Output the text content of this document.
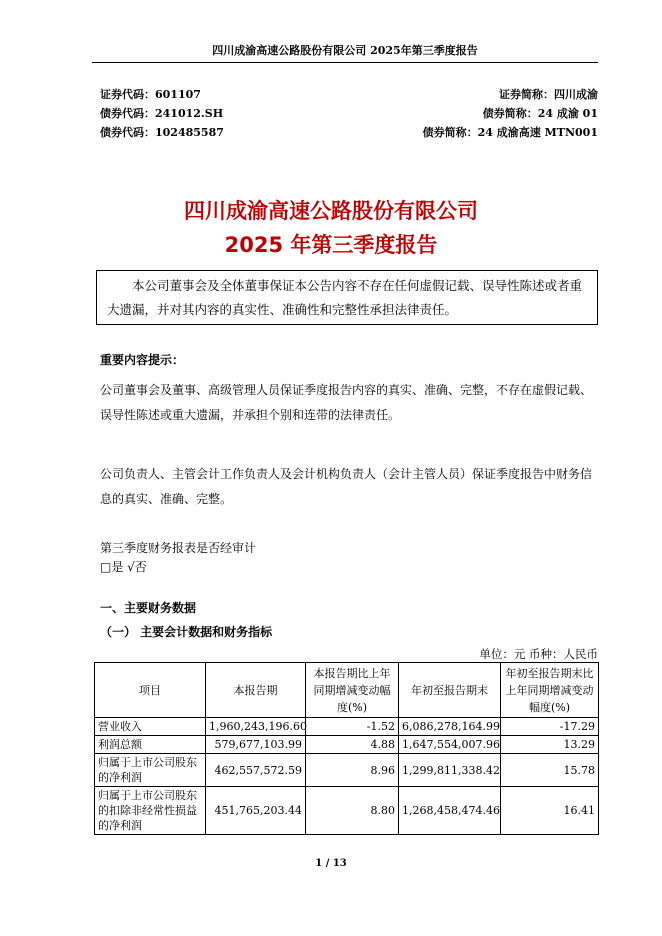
四川成渝高速公路股份有限公司 2025年第三季度报告
证券代码：601107	证券简称：四川成渝
债券代码：241012.SH	债券简称：24 成渝 01
债券代码：102485587	债券简称：24 成渝高速 MTN001
四川成渝高速公路股份有限公司
2025 年第三季度报告

本公司董事会及全体董事保证本公告内容不存在任何虚假记载、误导性陈述或者重大遗漏，并对其内容的真实性、准确性和完整性承担法律责任。

重要内容提示：
公司董事会及董事、高级管理人员保证季度报告内容的真实、准确、完整，不存在虚假记载、误导性陈述或重大遗漏，并承担个别和连带的法律责任。
公司负责人、主管会计工作负责人及会计机构负责人（会计主管人员）保证季度报告中财务信息的真实、准确、完整。
第三季度财务报表是否经审计
□是 √否
一、主要财务数据
（一） 主要会计数据和财务指标
单位：元 币种：人民币
项目	本报告期	本报告期比上年同期增减变动幅度(%)	年初至报告期末	年初至报告期末比上年同期增减变动幅度(%)
营业收入	1,960,243,196.60	-1.52	6,086,278,164.99	-17.29
利润总额	579,677,103.99	4.88	1,647,554,007.96	13.29
归属于上市公司股东的净利润	462,557,572.59	8.96	1,299,811,338.42	15.78
归属于上市公司股东的扣除非经常性损益的净利润	451,765,203.44	8.80	1,268,458,474.46	16.41
1 / 13
